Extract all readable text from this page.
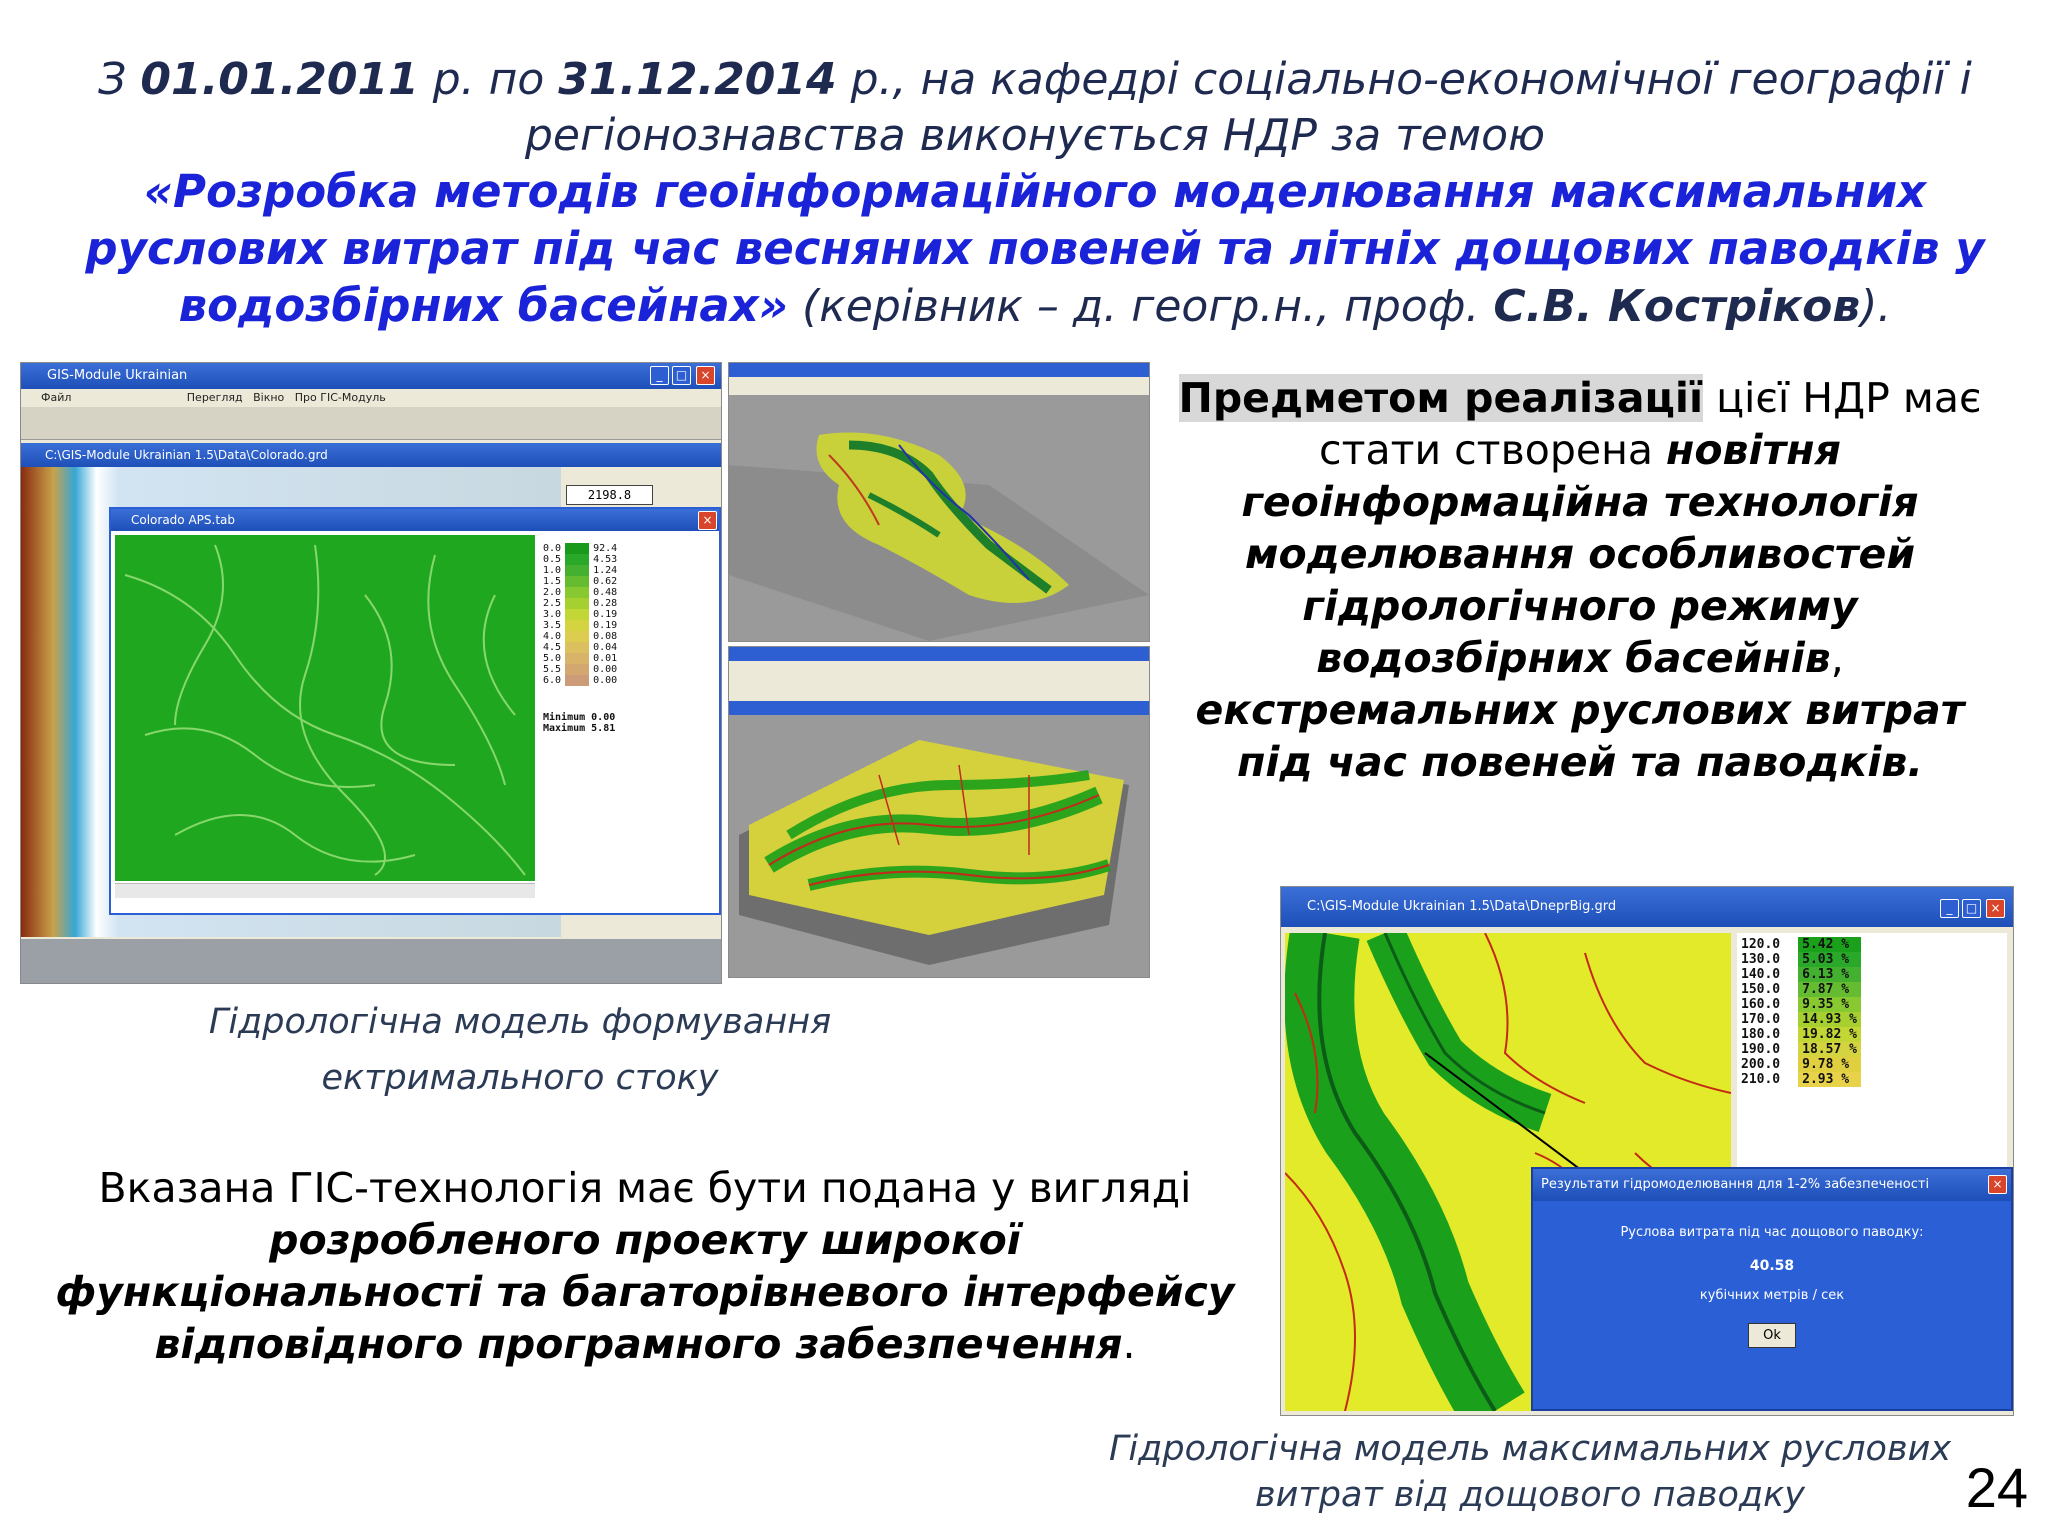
З 01.01.2011 р. по 31.12.2014 р., на кафедрі соціально-економічної географії і
регіонознавства виконується НДР за темою
«Розробка методів геоінформаційного моделювання максимальних руслових витрат під час весняних повеней та літніх дощових паводків у водозбірних басейнах» (керівник – д. геогр.н., проф. С.В. Костріков).
GIS-Module Ukrainian	_	□	×
Файл	Перегляд Вікно Про ГІС-Модуль
C:\GIS-Module Ukrainian 1.5\Data\Colorado.grd
2198.8
Colorado APS.tab	×
0.0		92.4
0.5		4.53
1.0		1.24
1.5		0.62
2.0		0.48
2.5		0.28
3.0		0.19
3.5		0.19
4.0		0.08
4.5		0.04
5.0		0.01
5.5		0.00
6.0		0.00
Minimum 0.00
Maximum 5.81
Предметом реалізації цієї НДР має стати створена новітня геоінформаційна технологія моделювання особливостей гідрологічного режиму водозбірних басейнів, екстремальних руслових витрат під час повеней та паводків.
Гідрологічна модель формування
ектримального стоку
Вказана ГІС-технологія має бути подана у вигляді розробленого проекту широкої функціональності та багаторівневого інтерфейсу відповідного програмного забезпечення.
C:\GIS-Module Ukrainian 1.5\Data\DneprBig.grd	_	□	×
120.0		5.42 %
130.0		5.03 %
140.0		6.13 %
150.0		7.87 %
160.0		9.35 %
170.0		14.93 %
180.0		19.82 %
190.0		18.57 %
200.0		9.78 %
210.0		2.93 %
Результати гідромоделювання для 1-2% забезпеченості	×
Руслова витрата під час дощового паводку:
40.58
кубічних метрів / сек
Ok
Гідрологічна модель максимальних руслових
витрат від дощового паводку	24
